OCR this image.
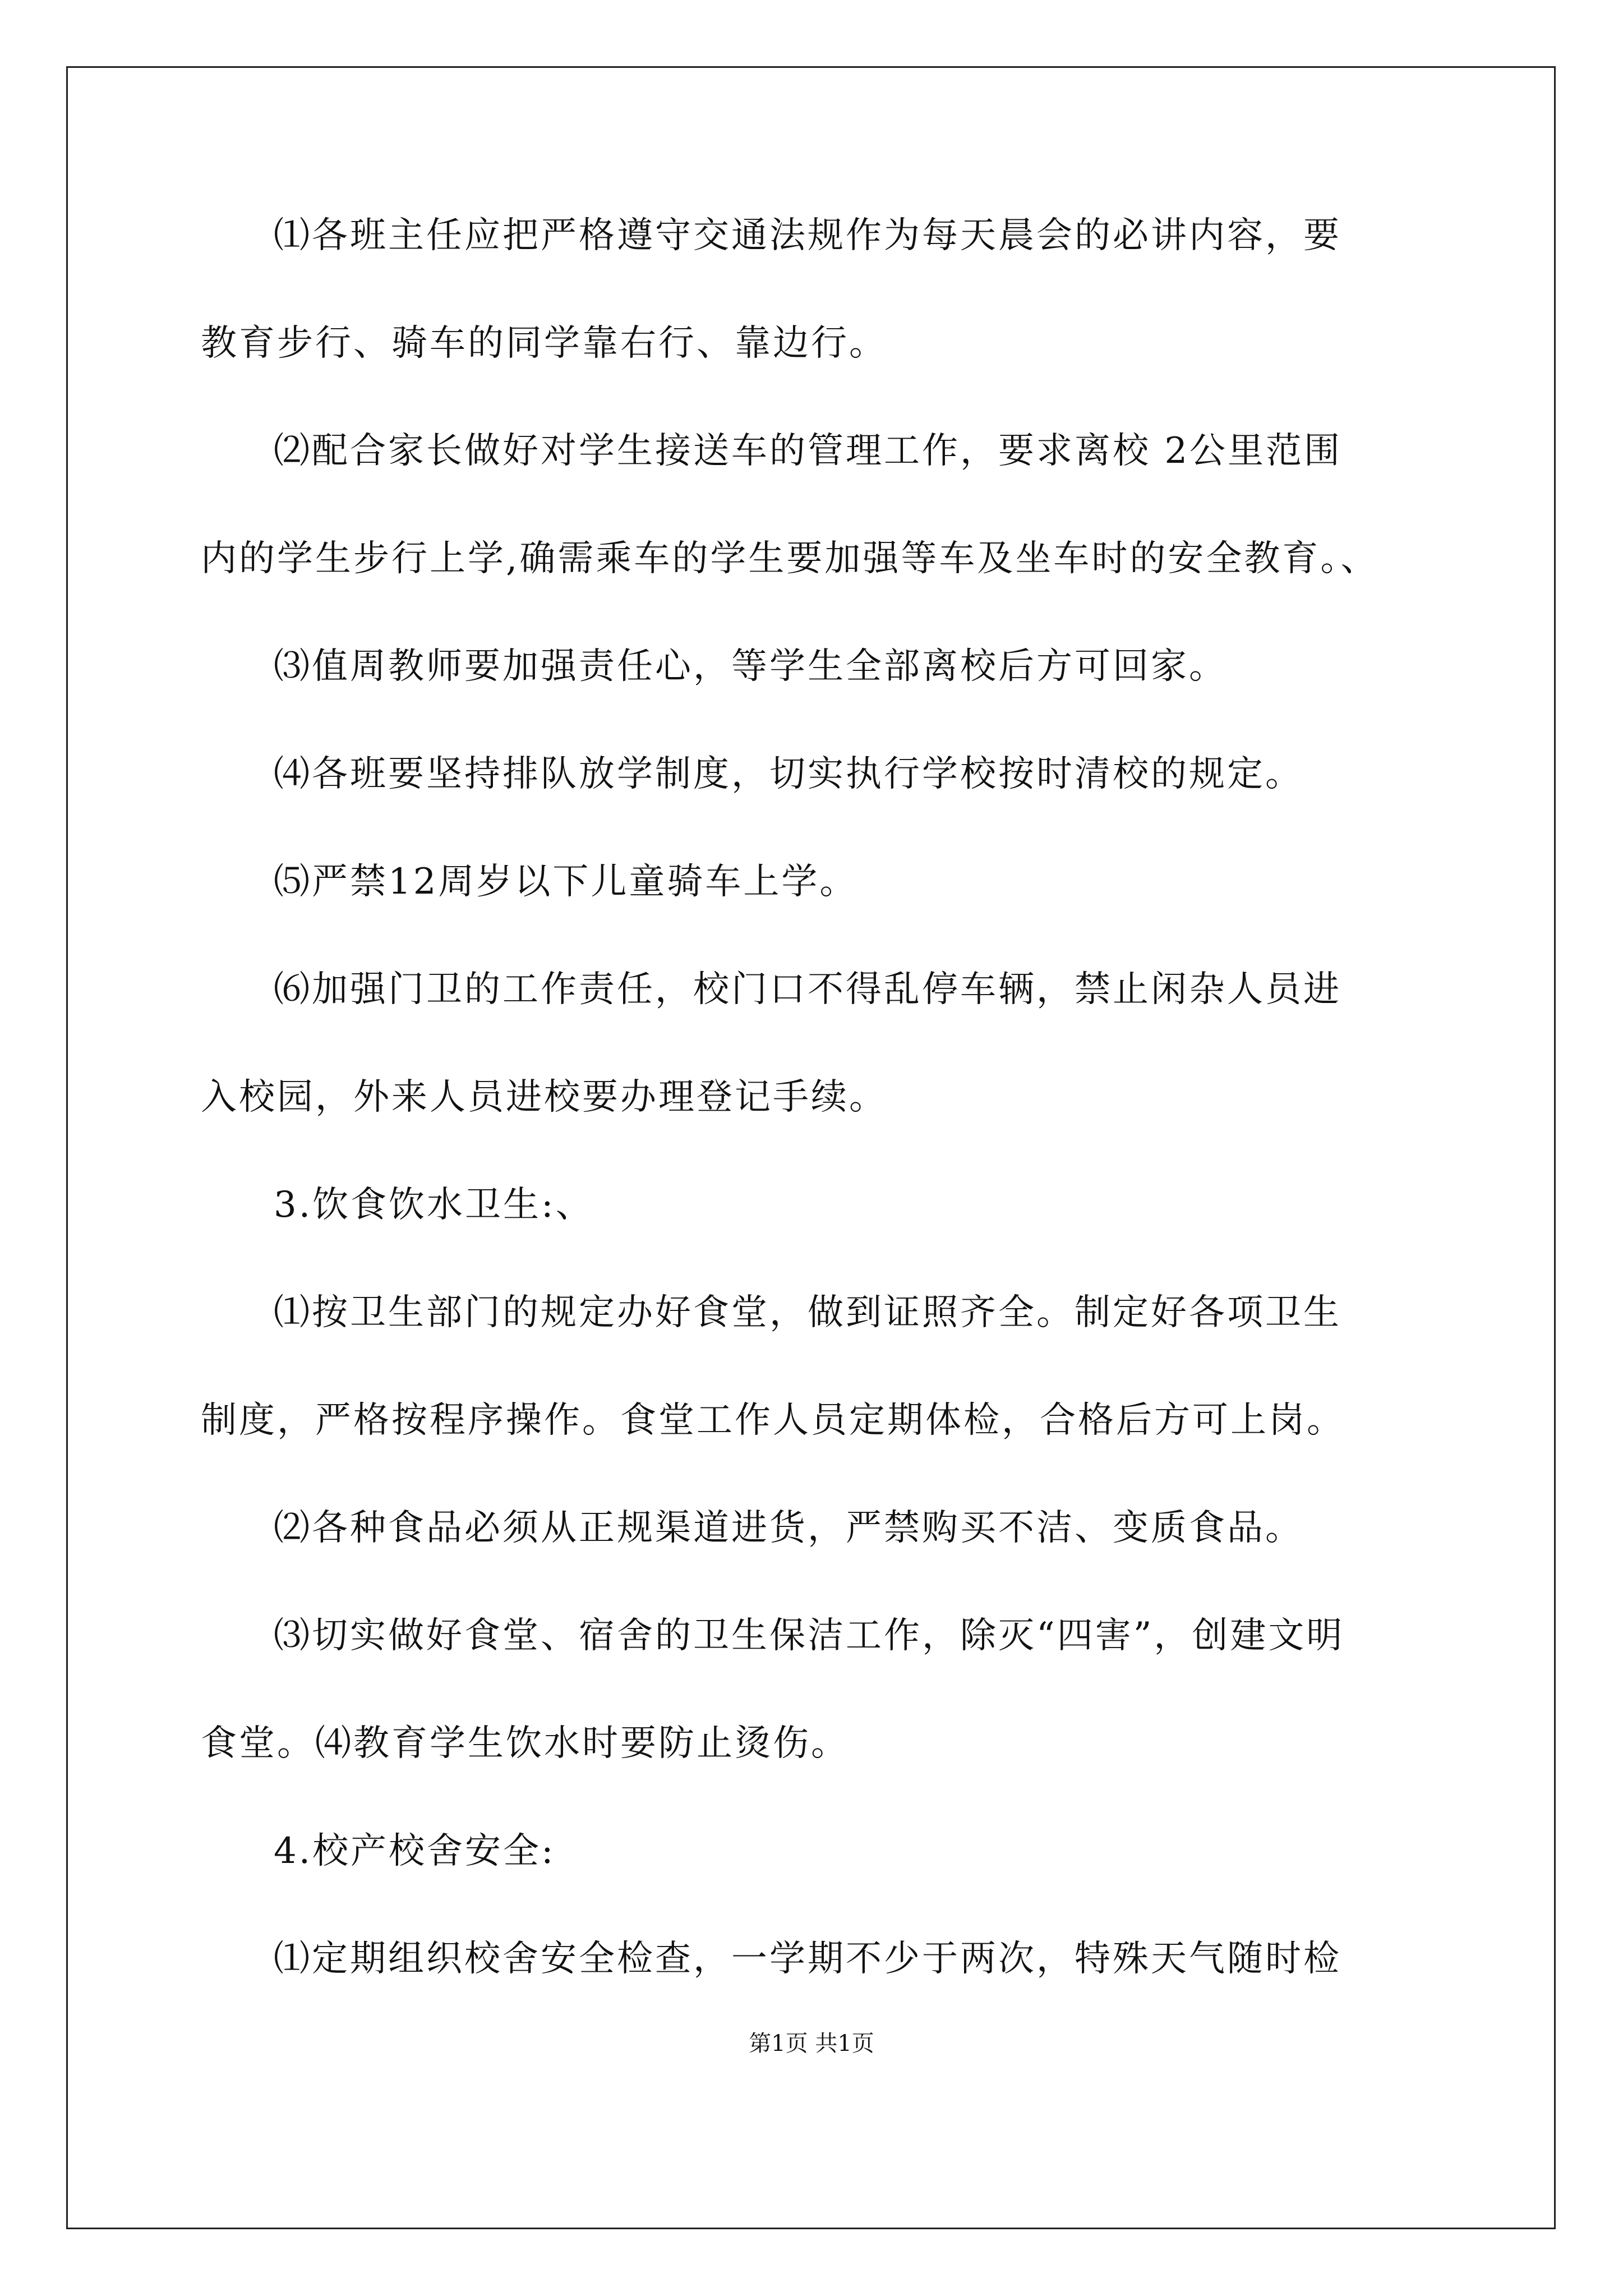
⑴各班主任应把严格遵守交通法规作为每天晨会的必讲内容，要
教育步行、骑车的同学靠右行、靠边行。
⑵配合家长做好对学生接送车的管理工作，要求离校 2公里范围
内的学生步行上学,确需乘车的学生要加强等车及坐车时的安全教育。、
⑶值周教师要加强责任心，等学生全部离校后方可回家。
⑷各班要坚持排队放学制度，切实执行学校按时清校的规定。
⑸严禁12周岁以下儿童骑车上学。
⑹加强门卫的工作责任，校门口不得乱停车辆，禁止闲杂人员进
入校园，外来人员进校要办理登记手续。
3.饮食饮水卫生:、
⑴按卫生部门的规定办好食堂，做到证照齐全。制定好各项卫生
制度，严格按程序操作。食堂工作人员定期体检，合格后方可上岗。
⑵各种食品必须从正规渠道进货，严禁购买不洁、变质食品。
⑶切实做好食堂、宿舍的卫生保洁工作，除灭“四害”，创建文明
食堂。⑷教育学生饮水时要防止烫伤。
4.校产校舍安全:
⑴定期组织校舍安全检查，一学期不少于两次，特殊天气随时检
第1页 共1页
